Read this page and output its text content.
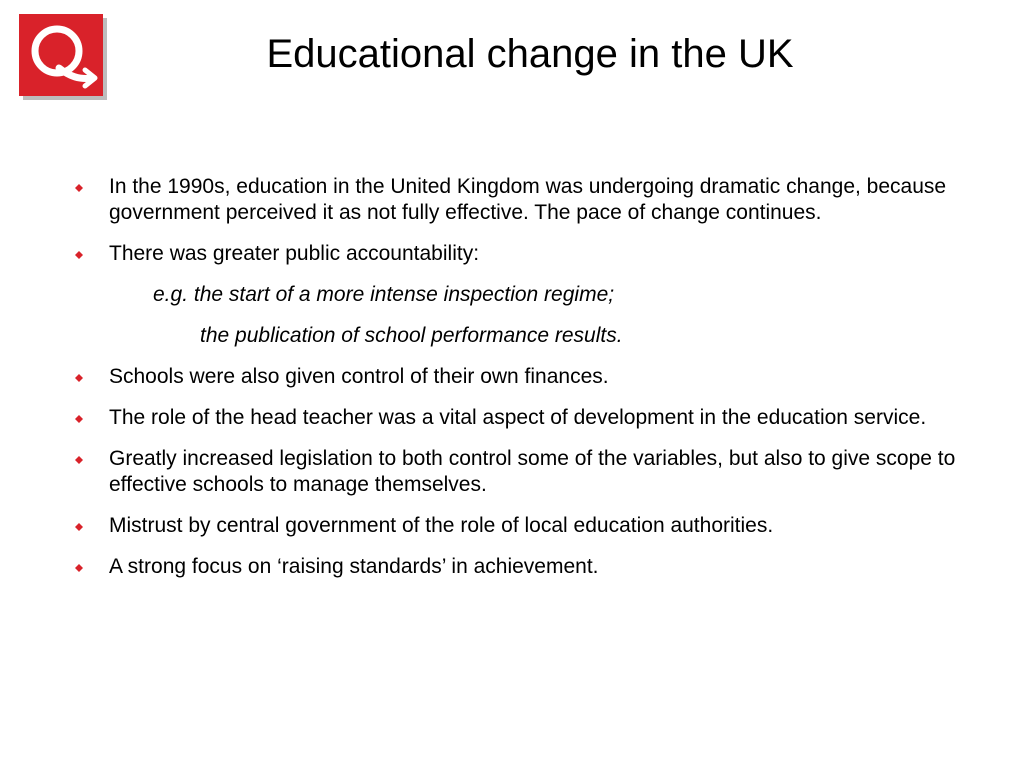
Educational change in the UK
In the 1990s, education in the United Kingdom was undergoing dramatic change, because government perceived it as not fully effective. The pace of change continues.
There was greater public accountability:
e.g. the start of a more intense inspection regime;
the publication of school performance results.
Schools were also given control of their own finances.
The role of the head teacher was a vital aspect of development in the education service.
Greatly increased legislation to both control some of the variables, but also to give scope to effective schools to manage themselves.
Mistrust by central government of the role of local education authorities.
A strong focus on ‘raising standards’ in achievement.
